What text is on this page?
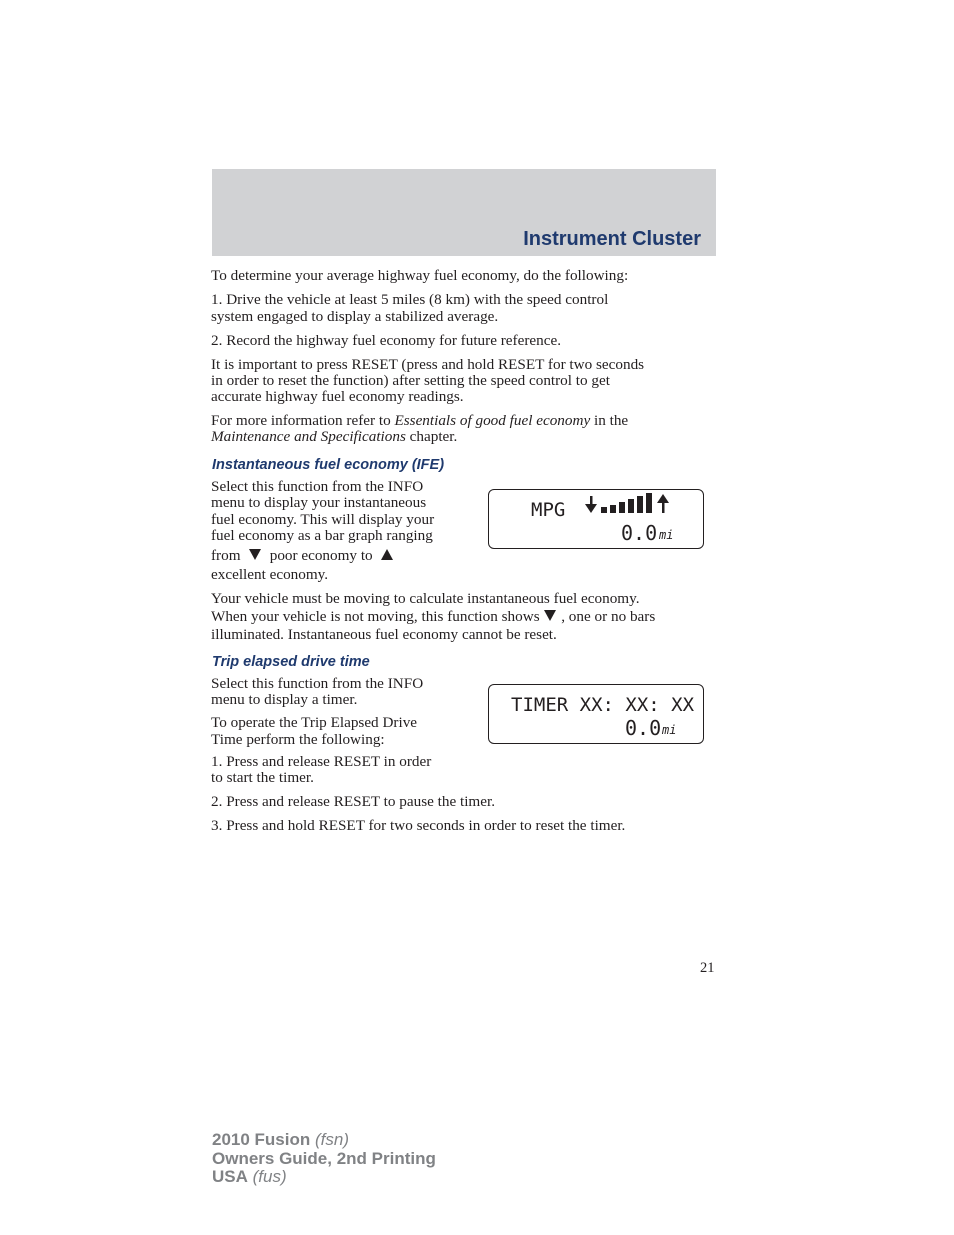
Instrument Cluster

To determine your average highway fuel economy, do the following:

1. Drive the vehicle at least 5 miles (8 km) with the speed control

system engaged to display a stabilized average.

2. Record the highway fuel economy for future reference.

It is important to press RESET (press and hold RESET for two seconds

in order to reset the function) after setting the speed control to get

accurate highway fuel economy readings.

For more information refer to Essentials of good fuel economy in the

Maintenance and Specifications chapter.

Instantaneous fuel economy (IFE)

Select this function from the INFO

menu to display your instantaneous

fuel economy. This will display your

fuel economy as a bar graph ranging

from poor economy to

excellent economy.

MPG
0.0 mi

Your vehicle must be moving to calculate instantaneous fuel economy.

When your vehicle is not moving, this function shows , one or no bars

illuminated. Instantaneous fuel economy cannot be reset.

Trip elapsed drive time

Select this function from the INFO

menu to display a timer.

To operate the Trip Elapsed Drive

Time perform the following:

1. Press and release RESET in order

to start the timer.

TIMER XX: XX: XX
0.0 mi

2. Press and release RESET to pause the timer.

3. Press and hold RESET for two seconds in order to reset the timer.

21
2010 Fusion (fsn)
Owners Guide, 2nd Printing
USA (fus)
